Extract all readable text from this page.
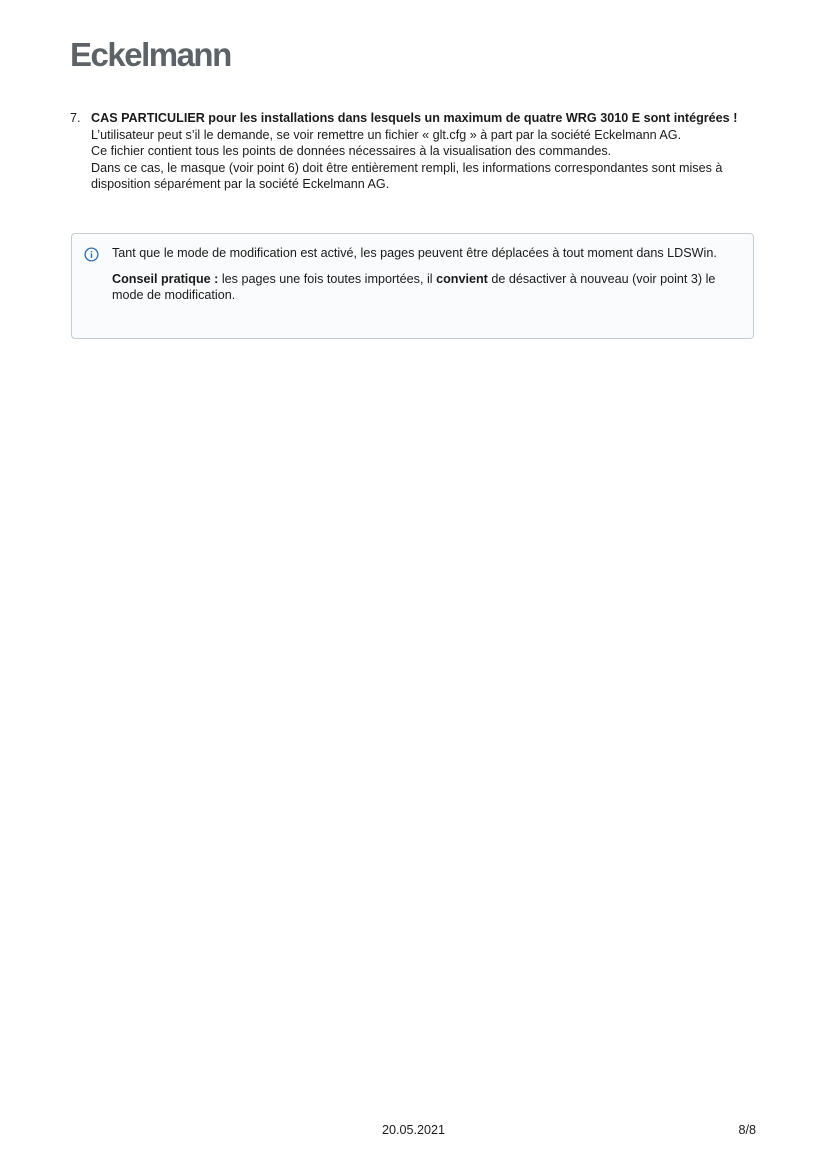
Eckelmann
7. CAS PARTICULIER pour les installations dans lesquels un maximum de quatre WRG 3010 E sont intégrées !
L’utilisateur peut s’il le demande, se voir remettre un fichier « glt.cfg » à part par la société Eckelmann AG.
Ce fichier contient tous les points de données nécessaires à la visualisation des commandes.
Dans ce cas, le masque (voir point 6) doit être entièrement rempli, les informations correspondantes sont mises à disposition séparément par la société Eckelmann AG.

Tant que le mode de modification est activé, les pages peuvent être déplacées à tout moment dans LDSWin.

Conseil pratique : les pages une fois toutes importées, il convient de désactiver à nouveau (voir point 3) le mode de modification.

20.05.2021	8/8
